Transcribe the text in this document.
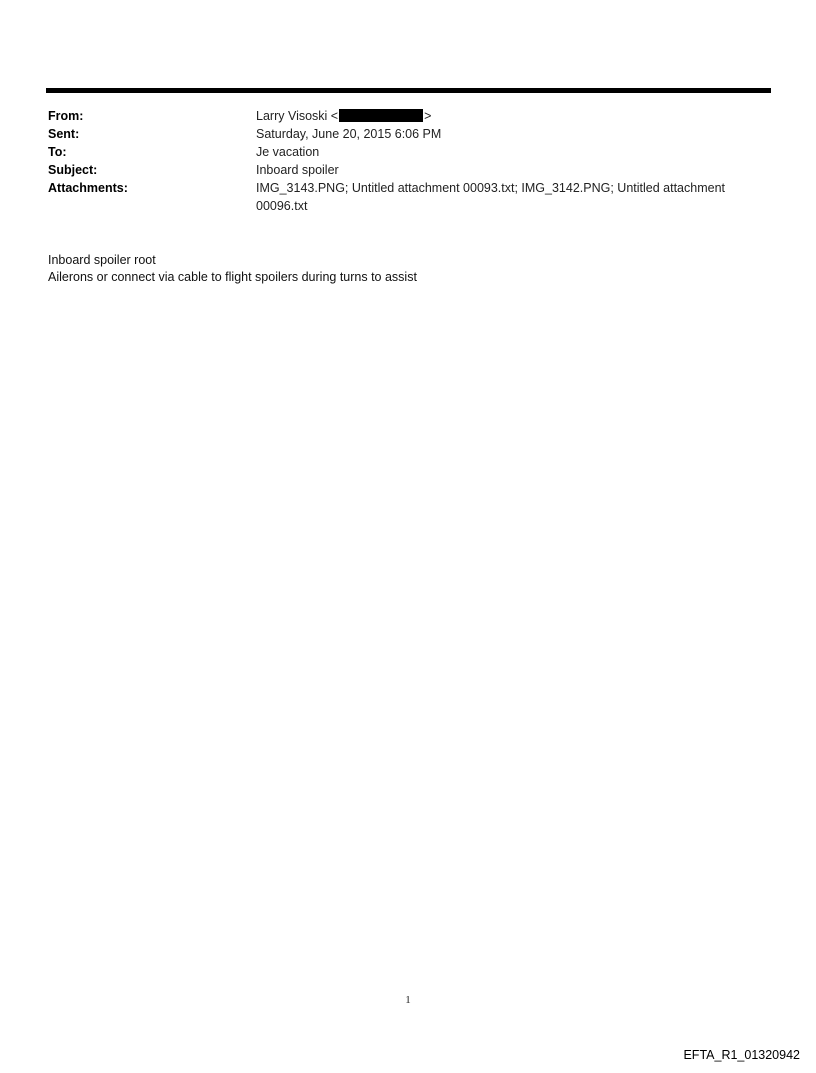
From:	Larry Visoski <	>
Sent:	Saturday, June 20, 2015 6:06 PM
To:	Je vacation
Subject:	Inboard spoiler
Attachments:	IMG_3143.PNG; Untitled attachment 00093.txt; IMG_3142.PNG; Untitled attachment 00096.txt
Inboard spoiler root
Ailerons or connect via cable to flight spoilers during turns to assist
1
EFTA_R1_01320942
